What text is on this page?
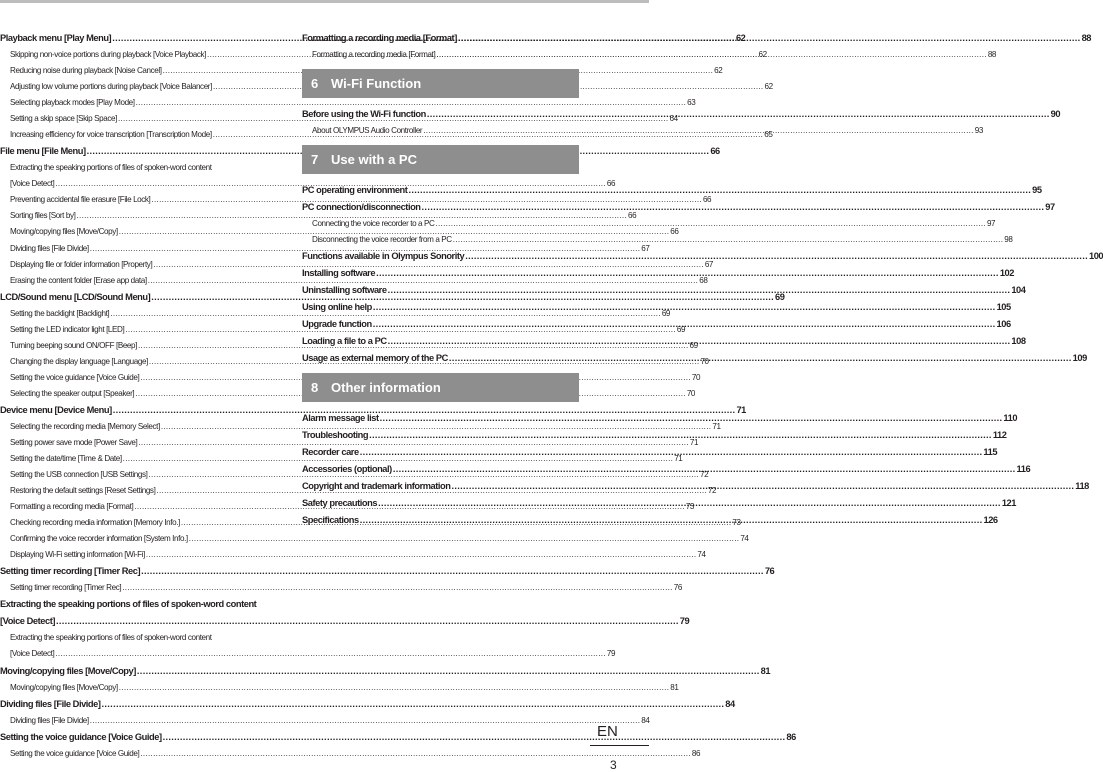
Playback menu [Play Menu] .....	62
Skipping non-voice portions during playback [Voice Playback] .....	62
Reducing noise during playback [Noise Cancel] .....	62
Adjusting low volume portions during playback [Voice Balancer] .....	62
Selecting playback modes [Play Mode] .....	63
Setting a skip space [Skip Space] .....	64
Increasing efficiency for voice transcription [Transcription Mode] .....	65
File menu [File Menu] .....	66
Extracting the speaking portions of files of spoken-word content
[Voice Detect] .....	66
Preventing accidental file erasure [File Lock] .....	66
Sorting files [Sort by] .....	66
Moving/copying files [Move/Copy] .....	66
Dividing files [File Divide] .....	67
Displaying file or folder information [Property] .....	67
Erasing the content folder [Erase app data] .....	68
LCD/Sound menu [LCD/Sound Menu] .....	69
Setting the backlight [Backlight] .....	69
Setting the LED indicator light [LED] .....	69
Turning beeping sound ON/OFF [Beep] .....	69
Changing the display language [Language] .....	70
Setting the voice guidance [Voice Guide] .....	70
Selecting the speaker output [Speaker] .....	70
Device menu [Device Menu] .....	71
Selecting the recording media [Memory Select] .....	71
Setting power save mode [Power Save] .....	71
Setting the date/time [Time & Date] .....	71
Setting the USB connection [USB Settings] .....	72
Restoring the default settings [Reset Settings] .....	72
Formatting a recording media [Format] .....	73
Checking recording media information [Memory Info.] .....	73
Confirming the voice recorder information [System Info.] .....	74
Displaying Wi-Fi setting information [Wi-Fi] .....	74
Setting timer recording [Timer Rec] .....	76
Setting timer recording [Timer Rec] .....	76
Extracting the speaking portions of files of spoken-word content
[Voice Detect] .....	79
Extracting the speaking portions of files of spoken-word content
[Voice Detect] .....	79
Moving/copying files [Move/Copy] .....	81
Moving/copying files [Move/Copy] .....	81
Dividing files [File Divide] .....	84
Dividing files [File Divide] .....	84
Setting the voice guidance [Voice Guide] .....	86
Setting the voice guidance [Voice Guide] .....	86
Formatting a recording media [Format] .....	88
Formatting a recording media [Format] .....	88
6 Wi-Fi Function
Before using the Wi-Fi function .....	90
About OLYMPUS Audio Controller .....	93
7 Use with a PC
PC operating environment .....	95
PC connection/disconnection .....	97
Connecting the voice recorder to a PC .....	97
Disconnecting the voice recorder from a PC .....	98
Functions available in Olympus Sonority .....	100
Installing software .....	102
Uninstalling software .....	104
Using online help .....	105
Upgrade function .....	106
Loading a file to a PC .....	108
Usage as external memory of the PC .....	109
8 Other information
Alarm message list .....	110
Troubleshooting .....	112
Recorder care .....	115
Accessories (optional) .....	116
Copyright and trademark information .....	118
Safety precautions .....	121
Specifications .....	126
EN
3
